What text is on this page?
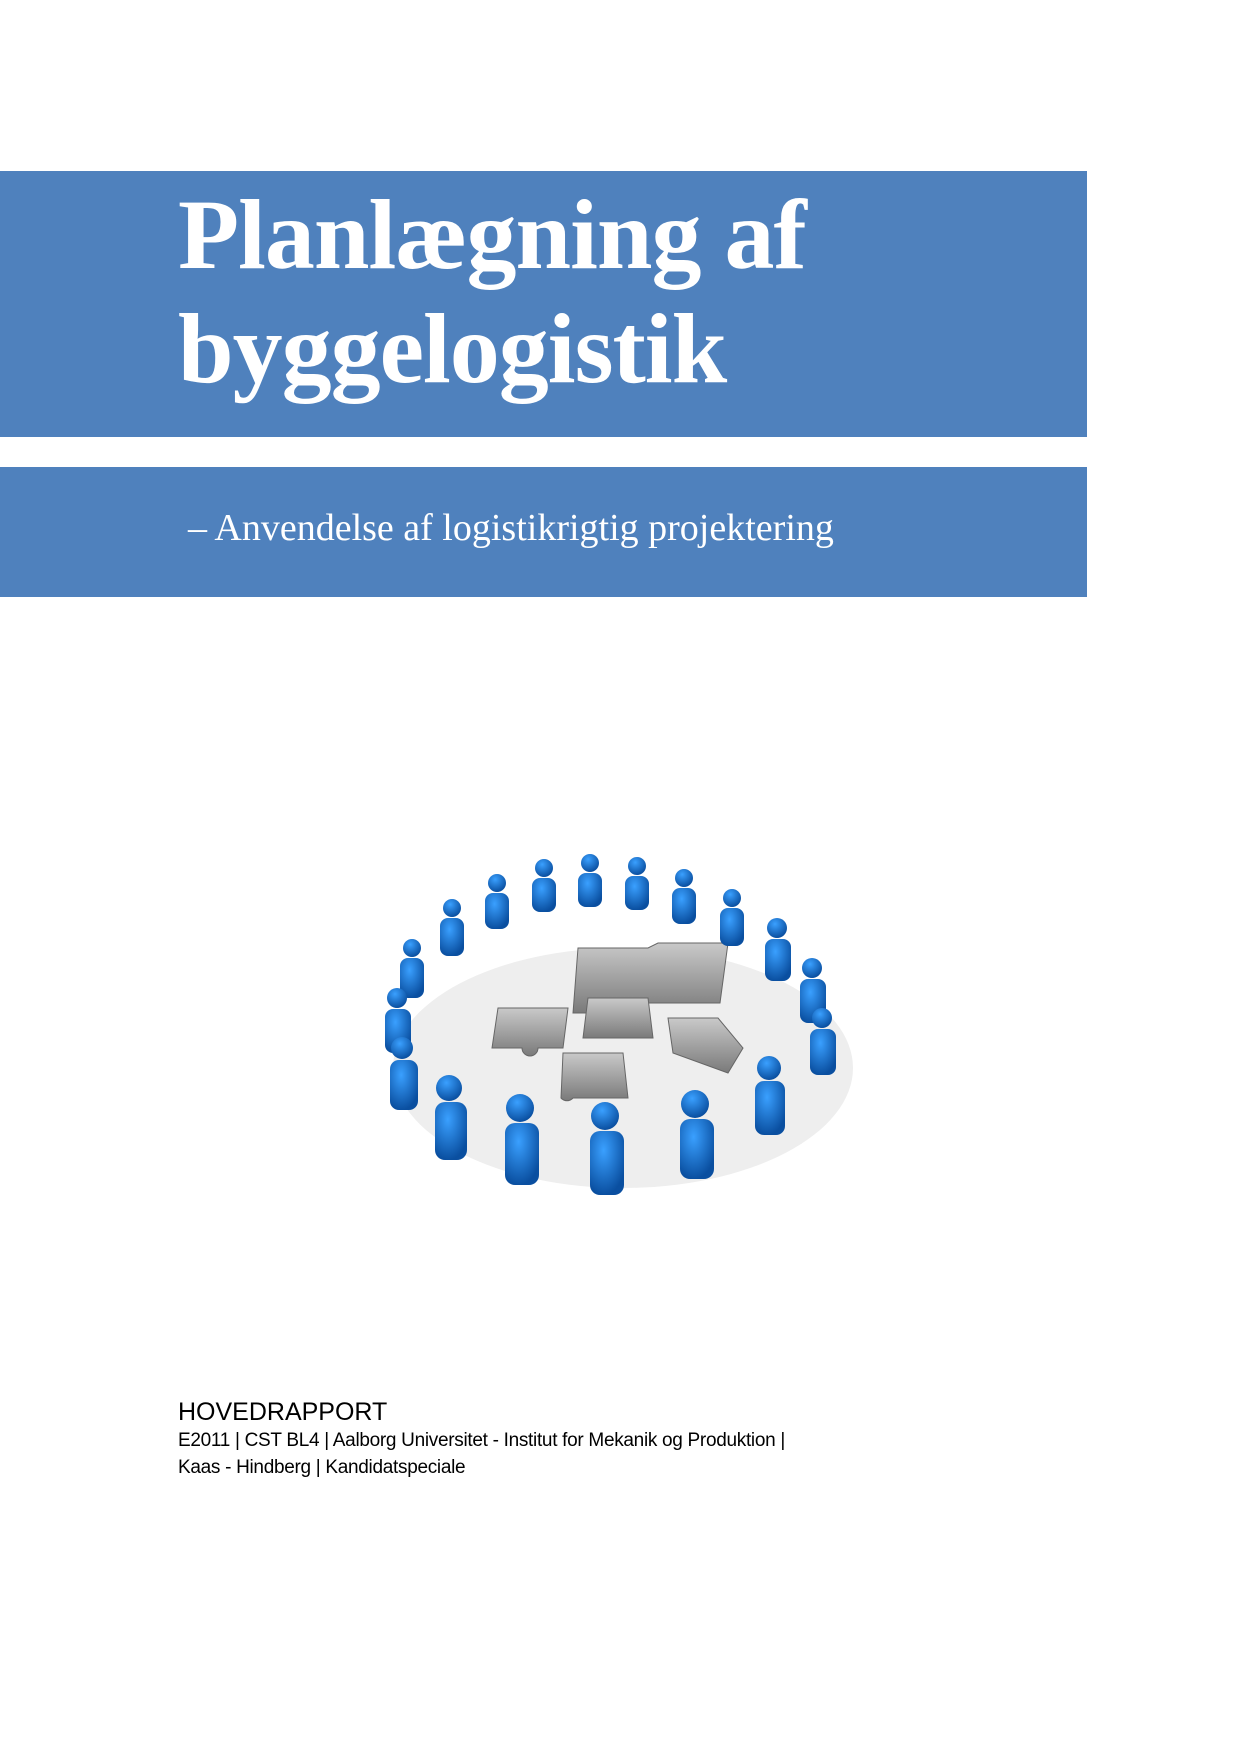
Planlægning af
byggelogistik
– Anvendelse af logistikrigtig projektering
HOVEDRAPPORT
E2011 | CST BL4 | Aalborg Universitet - Institut for Mekanik og Produktion |
Kaas - Hindberg | Kandidatspeciale
